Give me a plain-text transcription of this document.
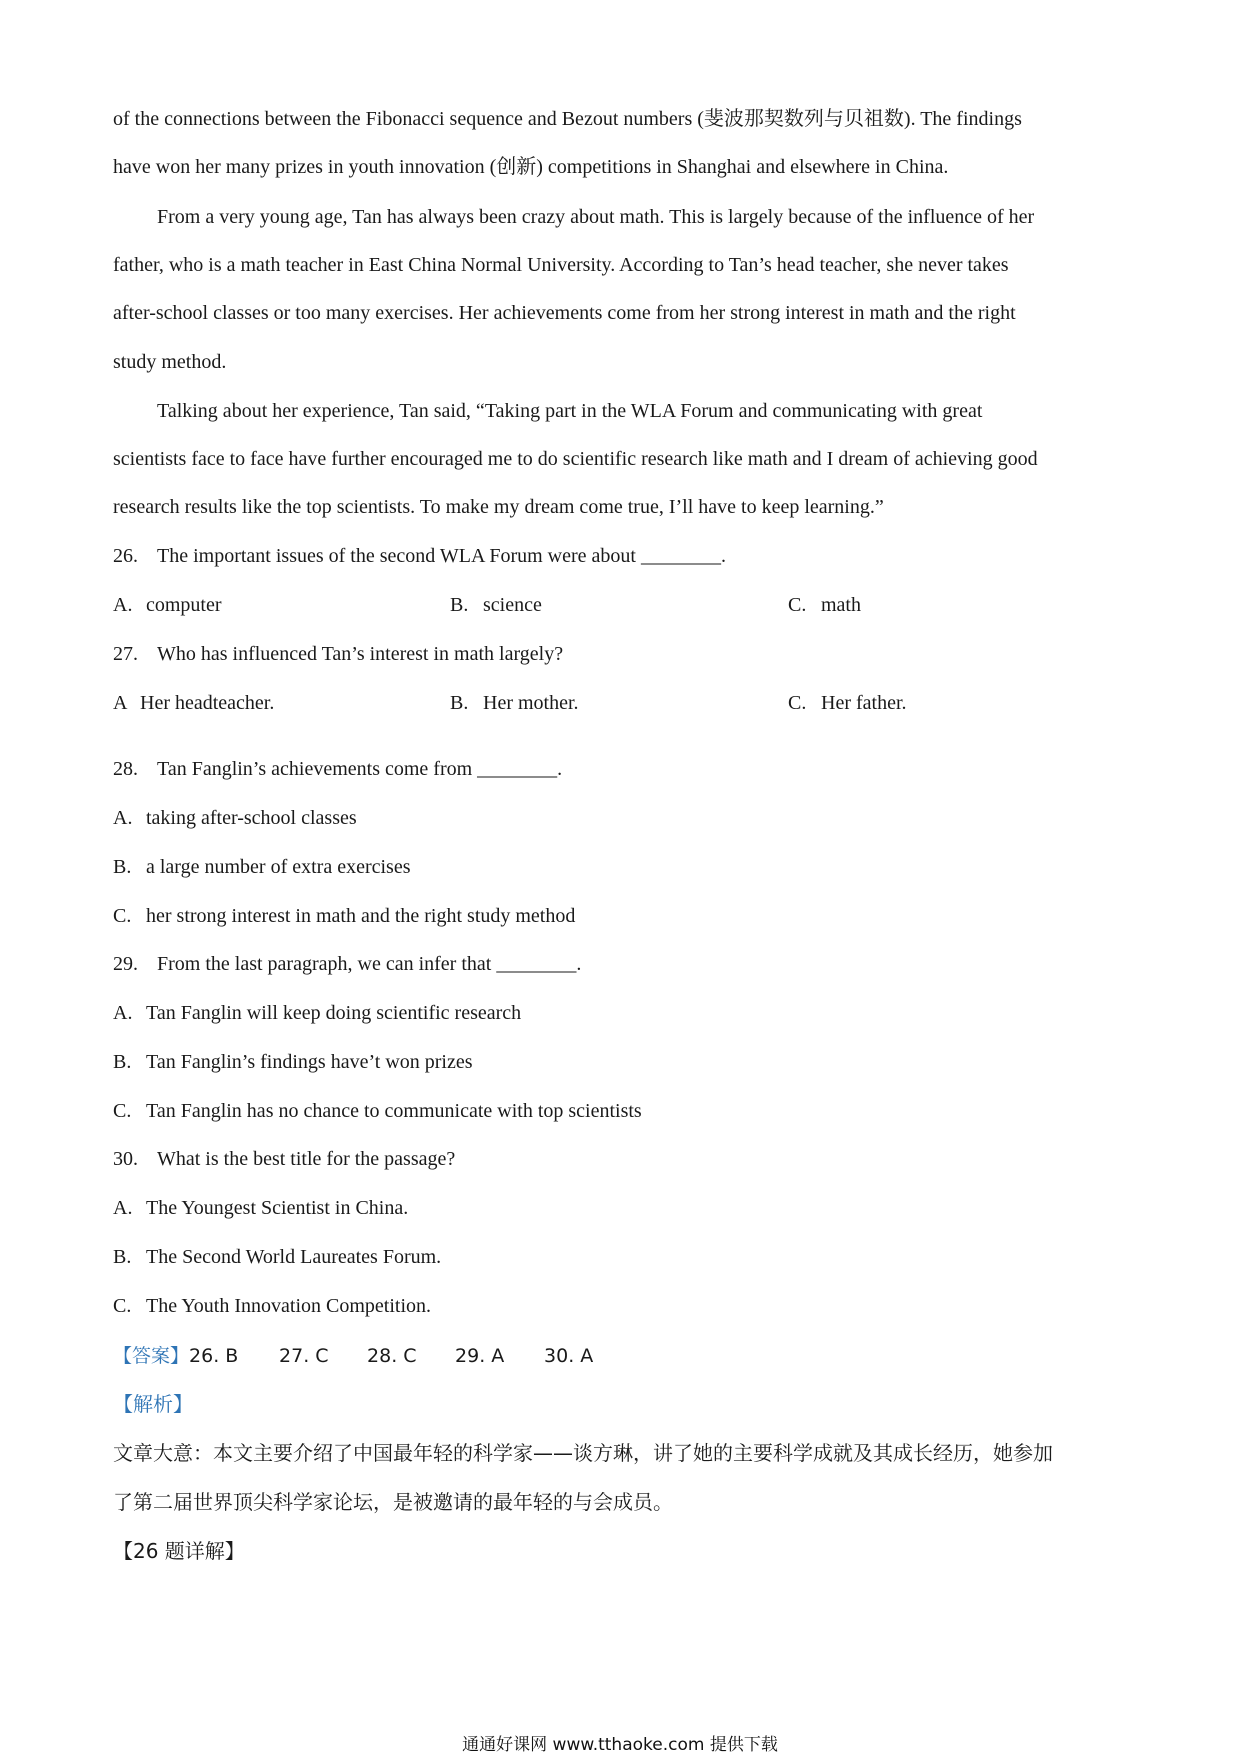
of the connections between the Fibonacci sequence and Bezout numbers (斐波那契数列与贝祖数). The findings
have won her many prizes in youth innovation (创新) competitions in Shanghai and elsewhere in China.
From a very young age, Tan has always been crazy about math. This is largely because of the influence of her
father, who is a math teacher in East China Normal University. According to Tan’s head teacher, she never takes
after-school classes or too many exercises. Her achievements come from her strong interest in math and the right
study method.
Talking about her experience, Tan said, “Taking part in the WLA Forum and communicating with great
scientists face to face have further encouraged me to do scientific research like math and I dream of achieving good
research results like the top scientists. To make my dream come true, I’ll have to keep learning.”
26. The important issues of the second WLA Forum were about ________.
A. computer	B. science	C. math
27. Who has influenced Tan’s interest in math largely?
A Her headteacher.	B. Her mother.	C. Her father.
28. Tan Fanglin’s achievements come from ________.
A. taking after-school classes
B. a large number of extra exercises
C. her strong interest in math and the right study method
29. From the last paragraph, we can infer that ________.
A. Tan Fanglin will keep doing scientific research
B. Tan Fanglin’s findings have’t won prizes
C. Tan Fanglin has no chance to communicate with top scientists
30. What is the best title for the passage?
A. The Youngest Scientist in China.
B. The Second World Laureates Forum.
C. The Youth Innovation Competition.
【答案】26. B 27. C 28. C 29. A 30. A
【解析】
文章大意：本文主要介绍了中国最年轻的科学家——谈方琳，讲了她的主要科学成就及其成长经历，她参加
了第二届世界顶尖科学家论坛，是被邀请的最年轻的与会成员。
【26 题详解】
通通好课网 www.tthaoke.com 提供下载
